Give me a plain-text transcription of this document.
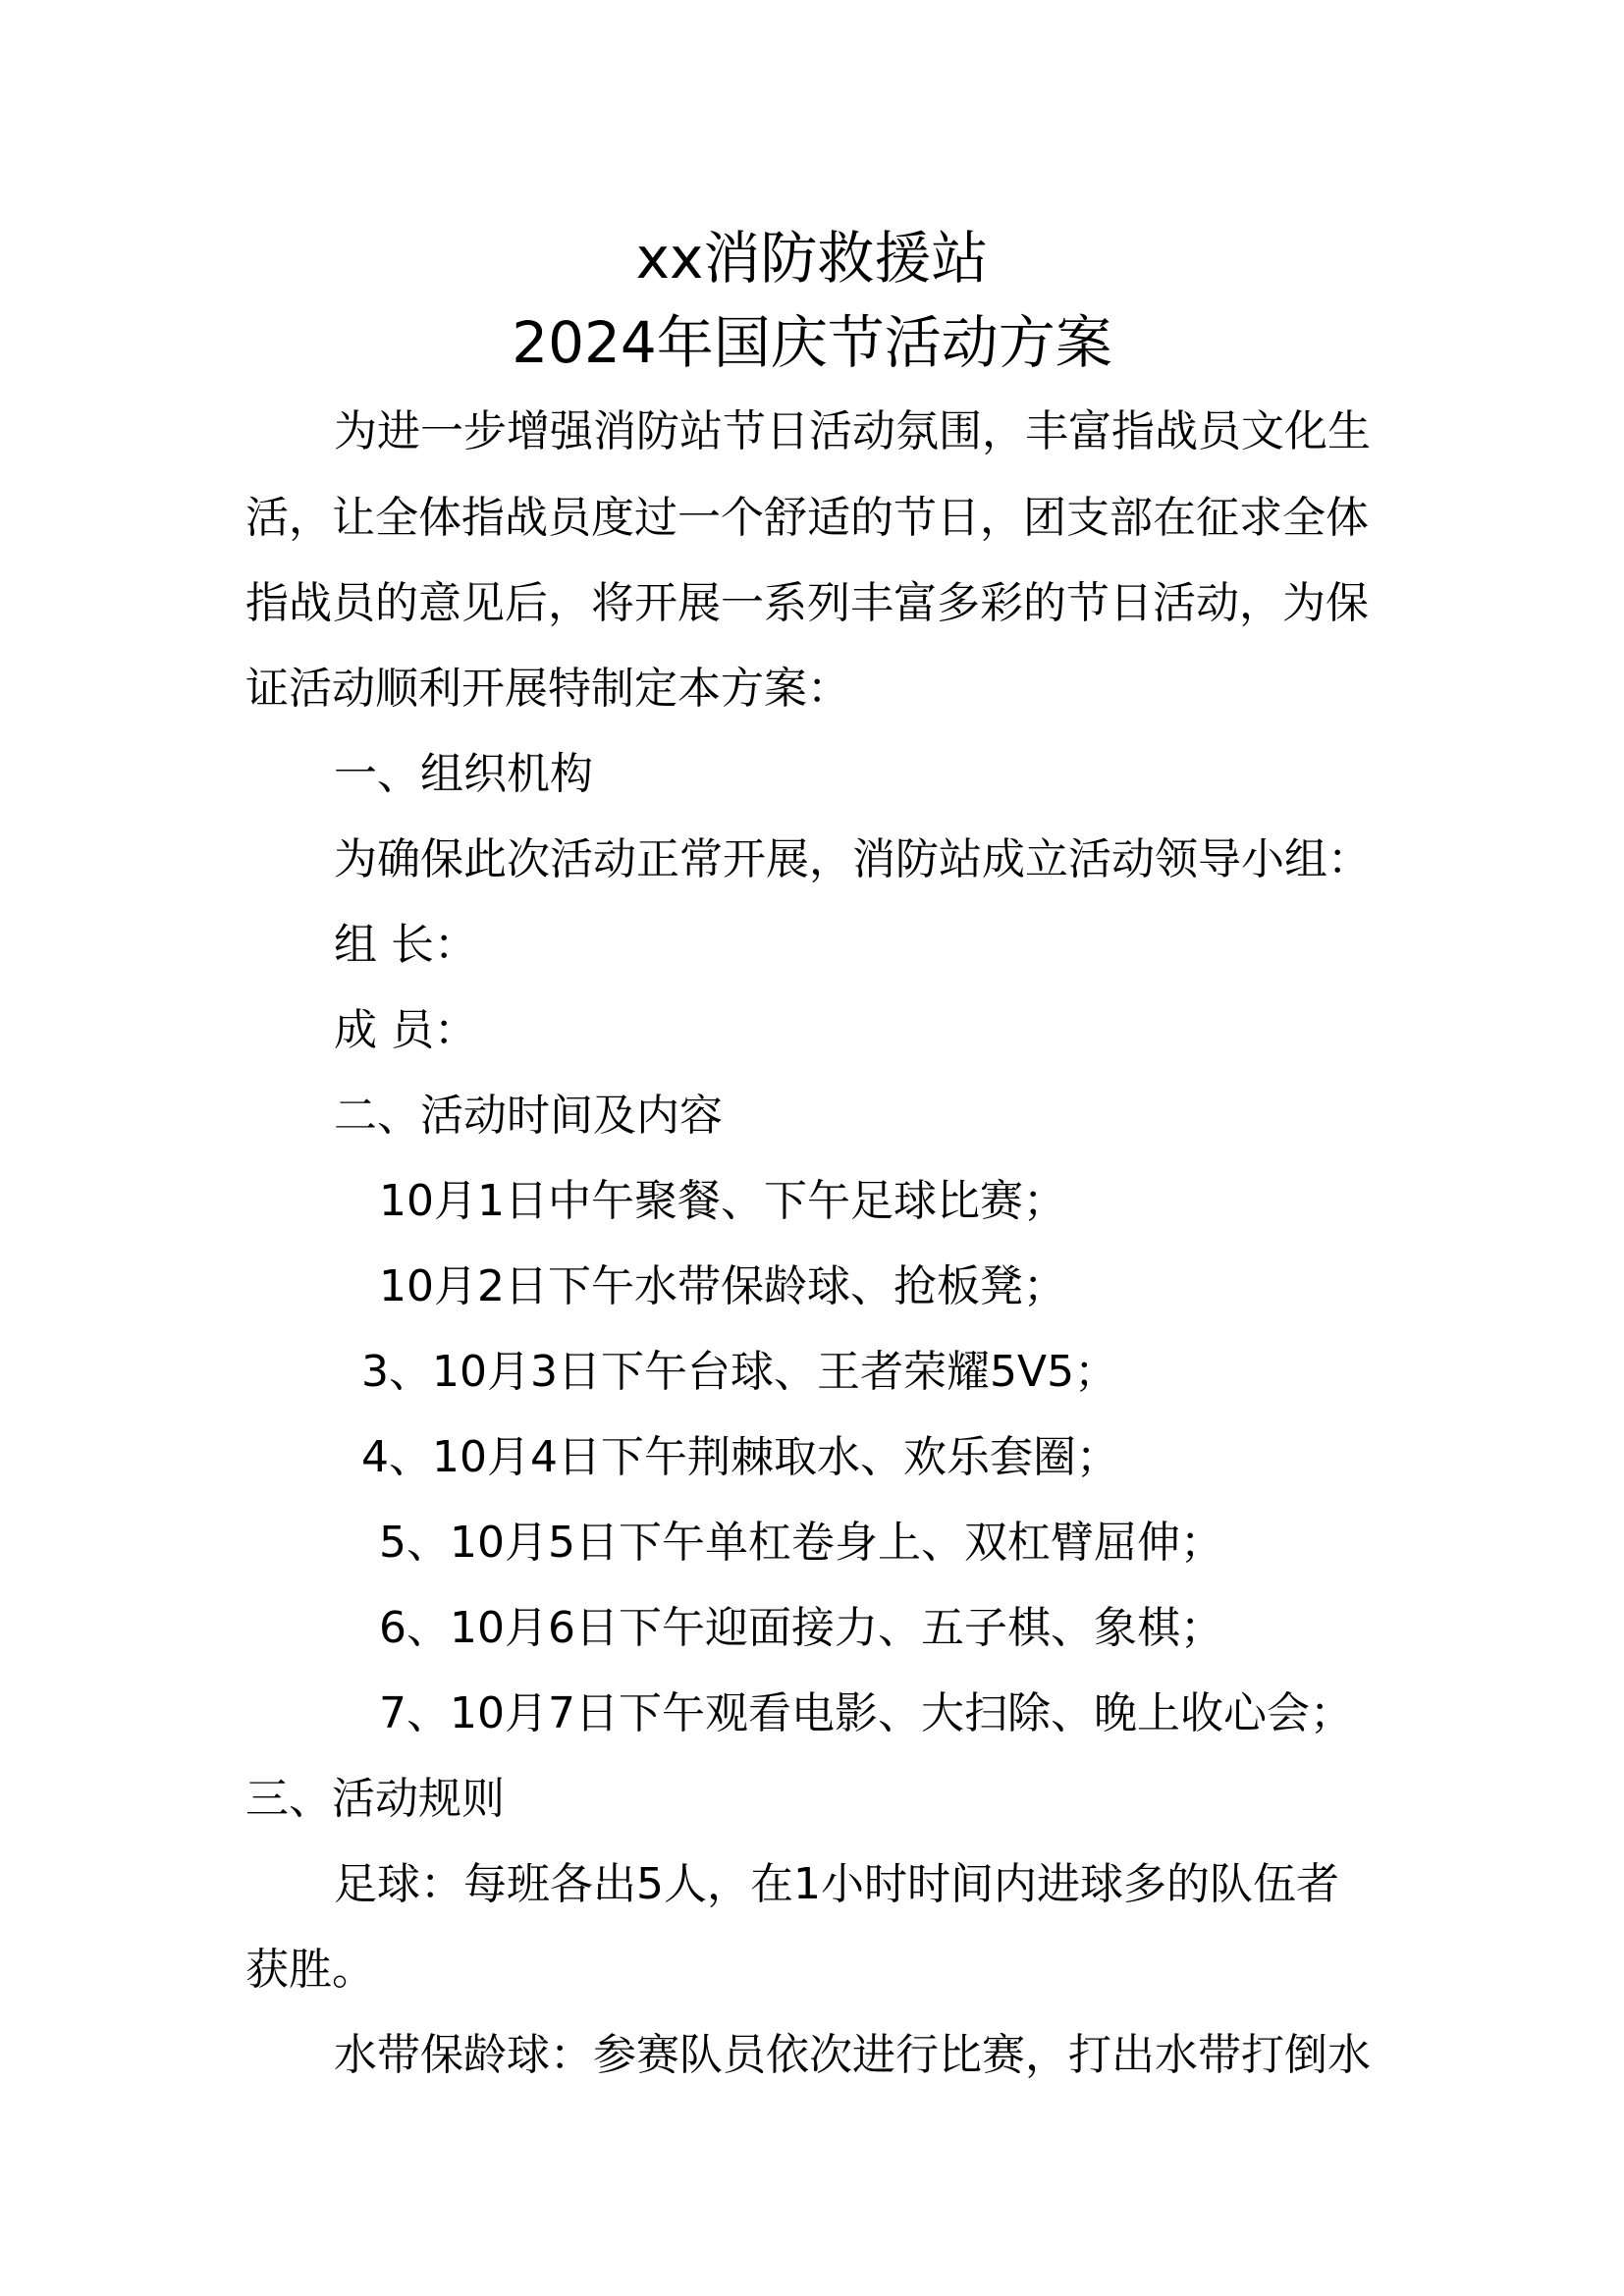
xx消防救援站
2024年国庆节活动方案
为进一步增强消防站节日活动氛围，丰富指战员文化生
活，让全体指战员度过一个舒适的节日，团支部在征求全体
指战员的意见后，将开展一系列丰富多彩的节日活动，为保
证活动顺利开展特制定本方案：
一、组织机构
为确保此次活动正常开展，消防站成立活动领导小组：
组 长：
成 员：
二、活动时间及内容
10月1日中午聚餐、下午足球比赛；
10月2日下午水带保龄球、抢板凳；
3、10月3日下午台球、王者荣耀5V5；
4、10月4日下午荆棘取水、欢乐套圈；
5、10月5日下午单杠卷身上、双杠臂屈伸；
6、10月6日下午迎面接力、五子棋、象棋；
7、10月7日下午观看电影、大扫除、晚上收心会；
三、活动规则
足球：每班各出5人，在1小时时间内进球多的队伍者
获胜。
水带保龄球：参赛队员依次进行比赛，打出水带打倒水
